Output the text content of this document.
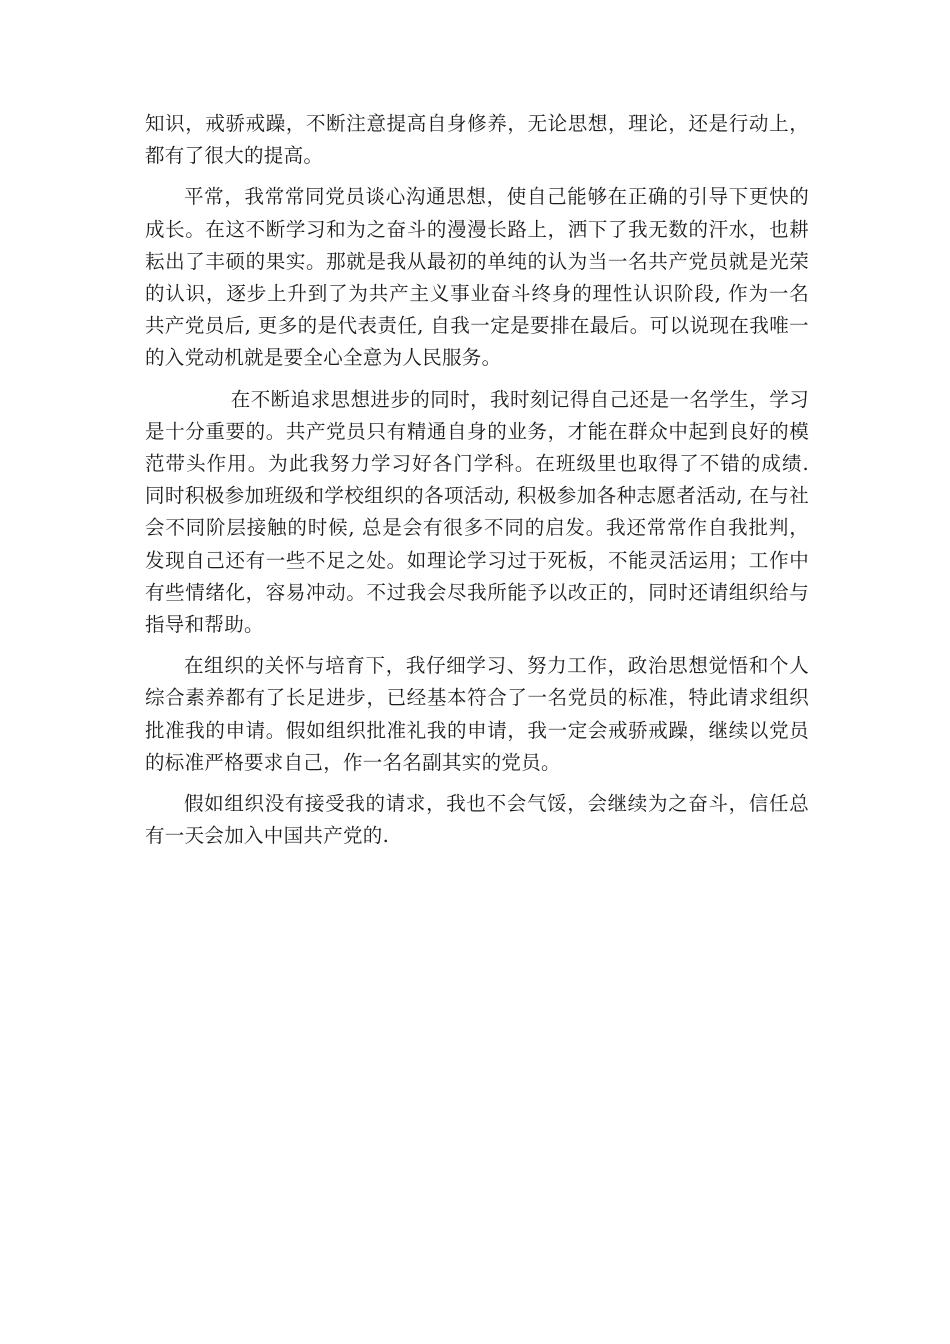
知识，戒骄戒躁，不断注意提高自身修养，无论思想，理论，还是行动上，都有了很大的提高。

平常，我常常同党员谈心沟通思想，使自己能够在正确的引导下更快的成长。在这不断学习和为之奋斗的漫漫长路上，洒下了我无数的汗水，也耕耘出了丰硕的果实。那就是我从最初的单纯的认为当一名共产党员就是光荣的认识，逐步上升到了为共产主义事业奋斗终身的理性认识阶段, 作为一名共产党员后, 更多的是代表责任, 自我一定是要排在最后。可以说现在我唯一的入党动机就是要全心全意为人民服务。

在不断追求思想进步的同时，我时刻记得自己还是一名学生，学习是十分重要的。共产党员只有精通自身的业务，才能在群众中起到良好的模范带头作用。为此我努力学习好各门学科。在班级里也取得了不错的成绩. 同时积极参加班级和学校组织的各项活动, 积极参加各种志愿者活动, 在与社会不同阶层接触的时候, 总是会有很多不同的启发。我还常常作自我批判，发现自己还有一些不足之处。如理论学习过于死板，不能灵活运用；工作中有些情绪化，容易冲动。不过我会尽我所能予以改正的，同时还请组织给与指导和帮助。

在组织的关怀与培育下，我仔细学习、努力工作，政治思想觉悟和个人综合素养都有了长足进步，已经基本符合了一名党员的标准，特此请求组织批准我的申请。假如组织批准礼我的申请，我一定会戒骄戒躁，继续以党员的标准严格要求自己，作一名名副其实的党员。

假如组织没有接受我的请求，我也不会气馁，会继续为之奋斗，信任总有一天会加入中国共产党的.
